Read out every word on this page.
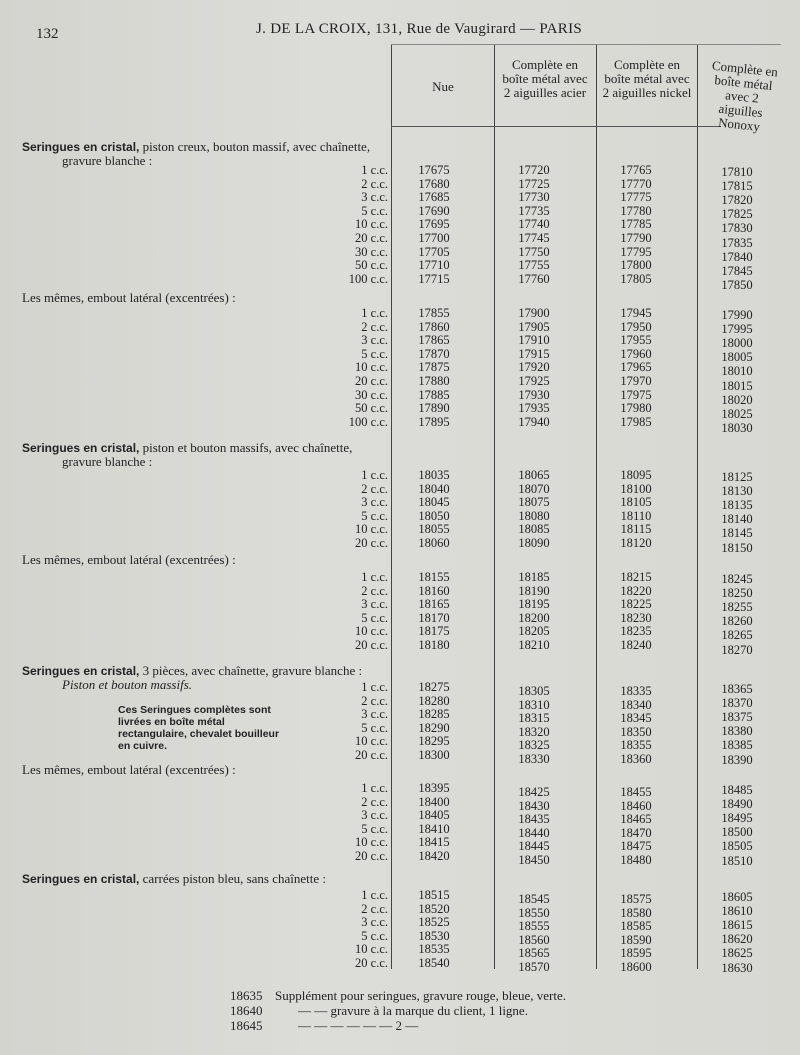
132	J. DE LA CROIX, 131, Rue de Vaugirard — PARIS
Nue
Complète en boîte métal avec 2 aiguilles acier
Complète en boîte métal avec 2 aiguilles nickel
Complète en boîte métal avec 2 aiguilles Nonoxy
Seringues en cristal, piston creux, bouton massif, avec chaînette,
gravure blanche :
1 c.c.	17675	17720	17765	17810
2 c.c.	17680	17725	17770	17815
3 c.c.	17685	17730	17775	17820
5 c.c.	17690	17735	17780	17825
10 c.c.	17695	17740	17785	17830
20 c.c.	17700	17745	17790	17835
30 c.c.	17705	17750	17795	17840
50 c.c.	17710	17755	17800	17845
100 c.c.	17715	17760	17805	17850
Les mêmes, embout latéral (excentrées) :
1 c.c.	17855	17900	17945	17990
2 c.c.	17860	17905	17950	17995
3 c.c.	17865	17910	17955	18000
5 c.c.	17870	17915	17960	18005
10 c.c.	17875	17920	17965	18010
20 c.c.	17880	17925	17970	18015
30 c.c.	17885	17930	17975	18020
50 c.c.	17890	17935	17980	18025
100 c.c.	17895	17940	17985	18030
Seringues en cristal, piston et bouton massifs, avec chaînette,
gravure blanche :
1 c.c.	18035	18065	18095	18125
2 c.c.	18040	18070	18100	18130
3 c.c.	18045	18075	18105	18135
5 c.c.	18050	18080	18110	18140
10 c.c.	18055	18085	18115	18145
20 c.c.	18060	18090	18120	18150
Les mêmes, embout latéral (excentrées) :
1 c.c.	18155	18185	18215	18245
2 c.c.	18160	18190	18220	18250
3 c.c.	18165	18195	18225	18255
5 c.c.	18170	18200	18230	18260
10 c.c.	18175	18205	18235	18265
20 c.c.	18180	18210	18240	18270
Seringues en cristal, 3 pièces, avec chaînette, gravure blanche :
Piston et bouton massifs.
Ces Seringues complètes sont livrées en boîte métal rectangulaire, chevalet bouilleur en cuivre.
1 c.c.	18275	18305	18335	18365
2 c.c.	18280	18310	18340	18370
3 c.c.	18285	18315	18345	18375
5 c.c.	18290	18320	18350	18380
10 c.c.	18295	18325	18355	18385
20 c.c.	18300	18330	18360	18390
Les mêmes, embout latéral (excentrées) :
1 c.c.	18395	18425	18455	18485
2 c.c.	18400	18430	18460	18490
3 c.c.	18405	18435	18465	18495
5 c.c.	18410	18440	18470	18500
10 c.c.	18415	18445	18475	18505
20 c.c.	18420	18450	18480	18510
Seringues en cristal, carrées piston bleu, sans chaînette :
1 c.c.	18515	18545	18575	18605
2 c.c.	18520	18550	18580	18610
3 c.c.	18525	18555	18585	18615
5 c.c.	18530	18560	18590	18620
10 c.c.	18535	18565	18595	18625
20 c.c.	18540	18570	18600	18630
18635 Supplément pour seringues, gravure rouge, bleue, verte.
18640	— — gravure à la marque du client, 1 ligne.
18645	— — — — — — 2 —
